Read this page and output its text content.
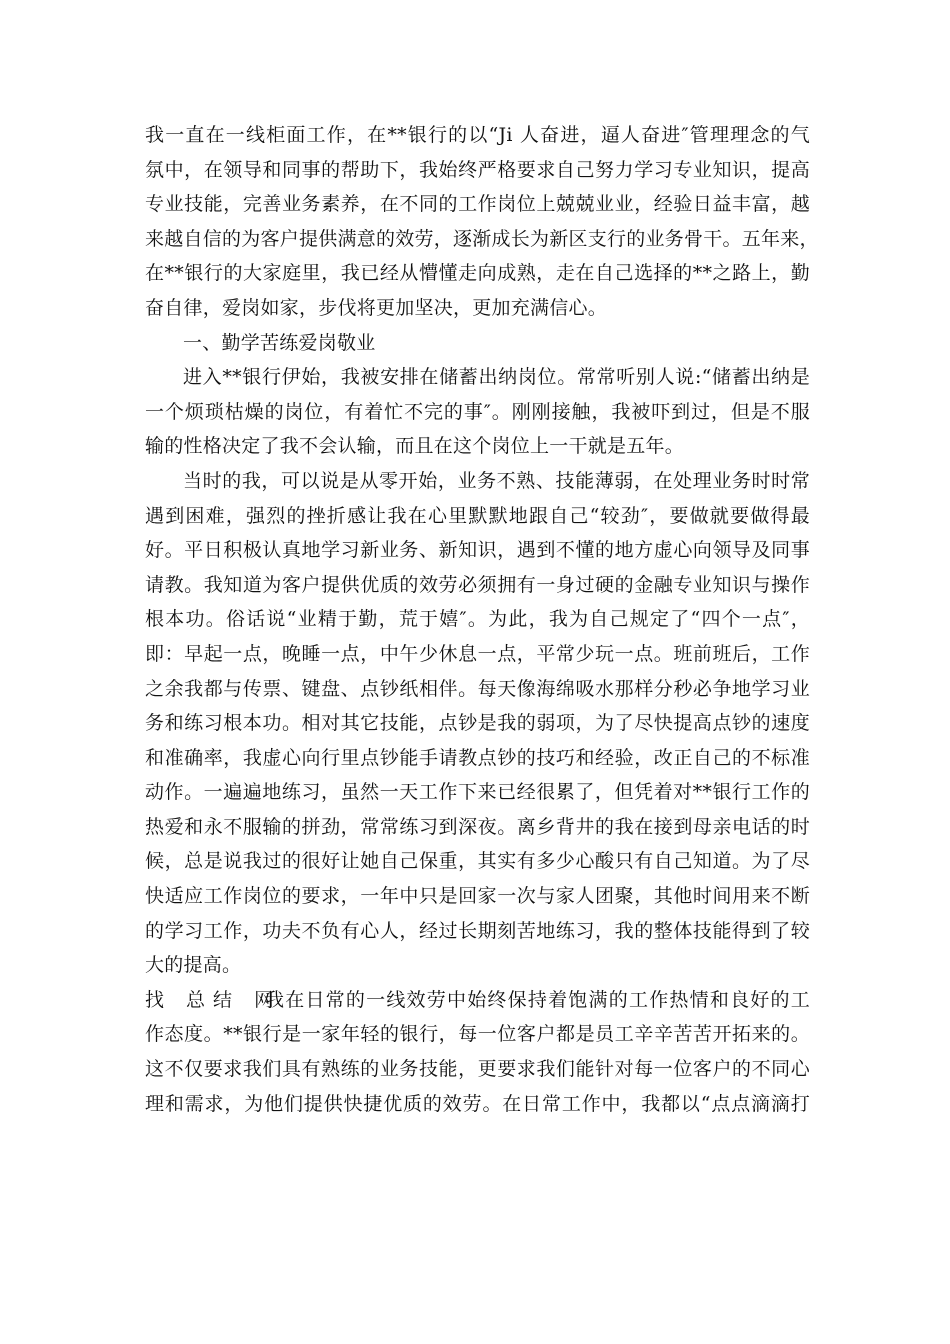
我一直在一线柜面工作，在**银行的以“Ji 人奋进，逼人奋进″管理理念的气
氛中，在领导和同事的帮助下，我始终严格要求自己努力学习专业知识，提高
专业技能，完善业务素养，在不同的工作岗位上兢兢业业，经验日益丰富，越
来越自信的为客户提供满意的效劳，逐渐成长为新区支行的业务骨干。五年来，
在**银行的大家庭里，我已经从懵懂走向成熟，走在自己选择的**之路上，勤
奋自律，爱岗如家，步伐将更加坚决，更加充满信心。
一、勤学苦练爱岗敬业
进入**银行伊始，我被安排在储蓄出纳岗位。常常听别人说:“储蓄出纳是
一个烦琐枯燥的岗位，有着忙不完的事″。刚刚接触，我被吓到过，但是不服
输的性格决定了我不会认输，而且在这个岗位上一干就是五年。
当时的我，可以说是从零开始，业务不熟、技能薄弱，在处理业务时时常
遇到困难，强烈的挫折感让我在心里默默地跟自己“较劲″，要做就要做得最
好。平日积极认真地学习新业务、新知识，遇到不懂的地方虚心向领导及同事
请教。我知道为客户提供优质的效劳必须拥有一身过硬的金融专业知识与操作
根本功。俗话说“业精于勤，荒于嬉″。为此，我为自己规定了“四个一点″，
即：早起一点，晚睡一点，中午少休息一点，平常少玩一点。班前班后，工作
之余我都与传票、键盘、点钞纸相伴。每天像海绵吸水那样分秒必争地学习业
务和练习根本功。相对其它技能，点钞是我的弱项，为了尽快提高点钞的速度
和准确率，我虚心向行里点钞能手请教点钞的技巧和经验，改正自己的不标准
动作。一遍遍地练习，虽然一天工作下来已经很累了，但凭着对**银行工作的
热爱和永不服输的拼劲，常常练习到深夜。离乡背井的我在接到母亲电话的时
候，总是说我过的很好让她自己保重，其实有多少心酸只有自己知道。为了尽
快适应工作岗位的要求，一年中只是回家一次与家人团聚，其他时间用来不断
的学习工作，功夫不负有心人，经过长期刻苦地练习，我的整体技能得到了较
大的提高。
找 总结 网
我在日常的一线效劳中始终保持着饱满的工作热情和良好的工
作态度。**银行是一家年轻的银行，每一位客户都是员工辛辛苦苦开拓来的。
这不仅要求我们具有熟练的业务技能，更要求我们能针对每一位客户的不同心
理和需求，为他们提供快捷优质的效劳。在日常工作中，我都以“点点滴滴打
